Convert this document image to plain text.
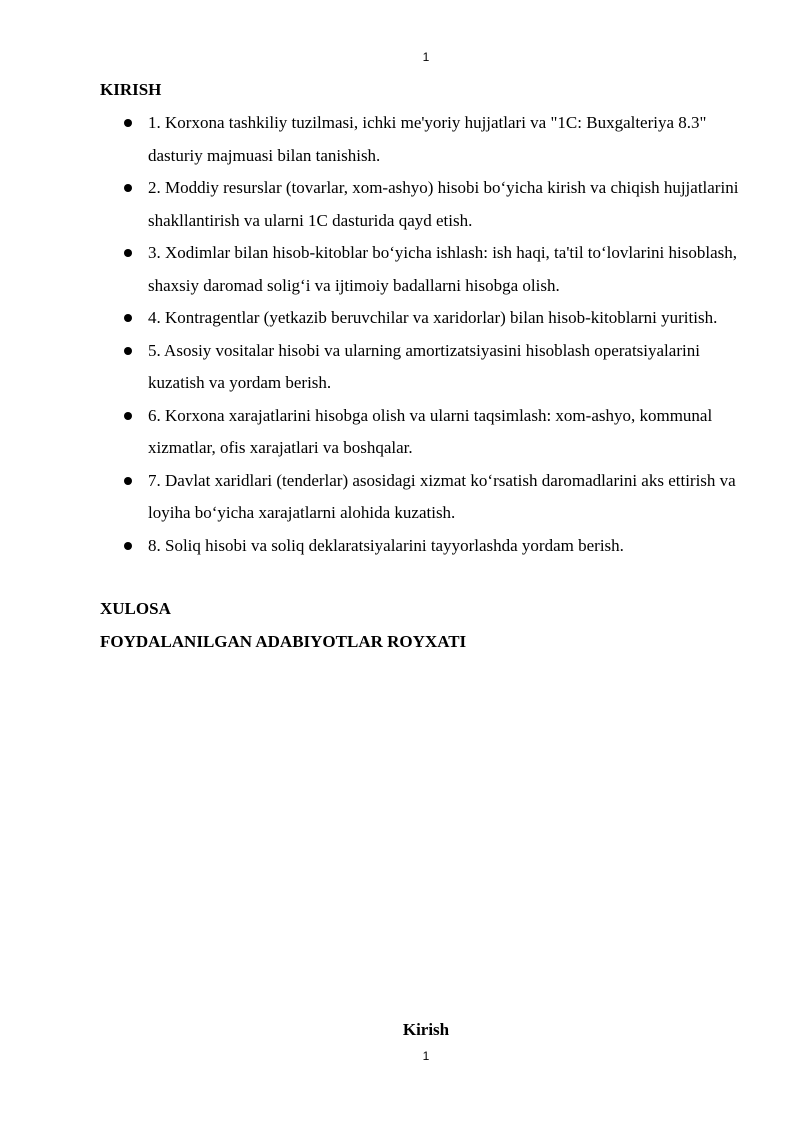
1
KIRISH
1. Korxona tashkiliy tuzilmasi, ichki me'yoriy hujjatlari va "1C: Buxgalteriya 8.3" dasturiy majmuasi bilan tanishish.
2. Moddiy resurslar (tovarlar, xom-ashyo) hisobi bo‘yicha kirish va chiqish hujjatlarini shakllantirish va ularni 1C dasturida qayd etish.
3. Xodimlar bilan hisob-kitoblar bo‘yicha ishlash: ish haqi, ta'til to‘lovlarini hisoblash, shaxsiy daromad solig‘i va ijtimoiy badallarni hisobga olish.
4. Kontragentlar (yetkazib beruvchilar va xaridorlar) bilan hisob-kitoblarni yuritish.
5. Asosiy vositalar hisobi va ularning amortizatsiyasini hisoblash operatsiyalarini kuzatish va yordam berish.
6. Korxona xarajatlarini hisobga olish va ularni taqsimlash: xom-ashyo, kommunal xizmatlar, ofis xarajatlari va boshqalar.
7. Davlat xaridlari (tenderlar) asosidagi xizmat ko‘rsatish daromadlarini aks ettirish va loyiha bo‘yicha xarajatlarni alohida kuzatish.
8. Soliq hisobi va soliq deklaratsiyalarini tayyorlashda yordam berish.
XULOSA
FOYDALANILGAN ADABIYOTLAR ROYXATI
Kirish
1
